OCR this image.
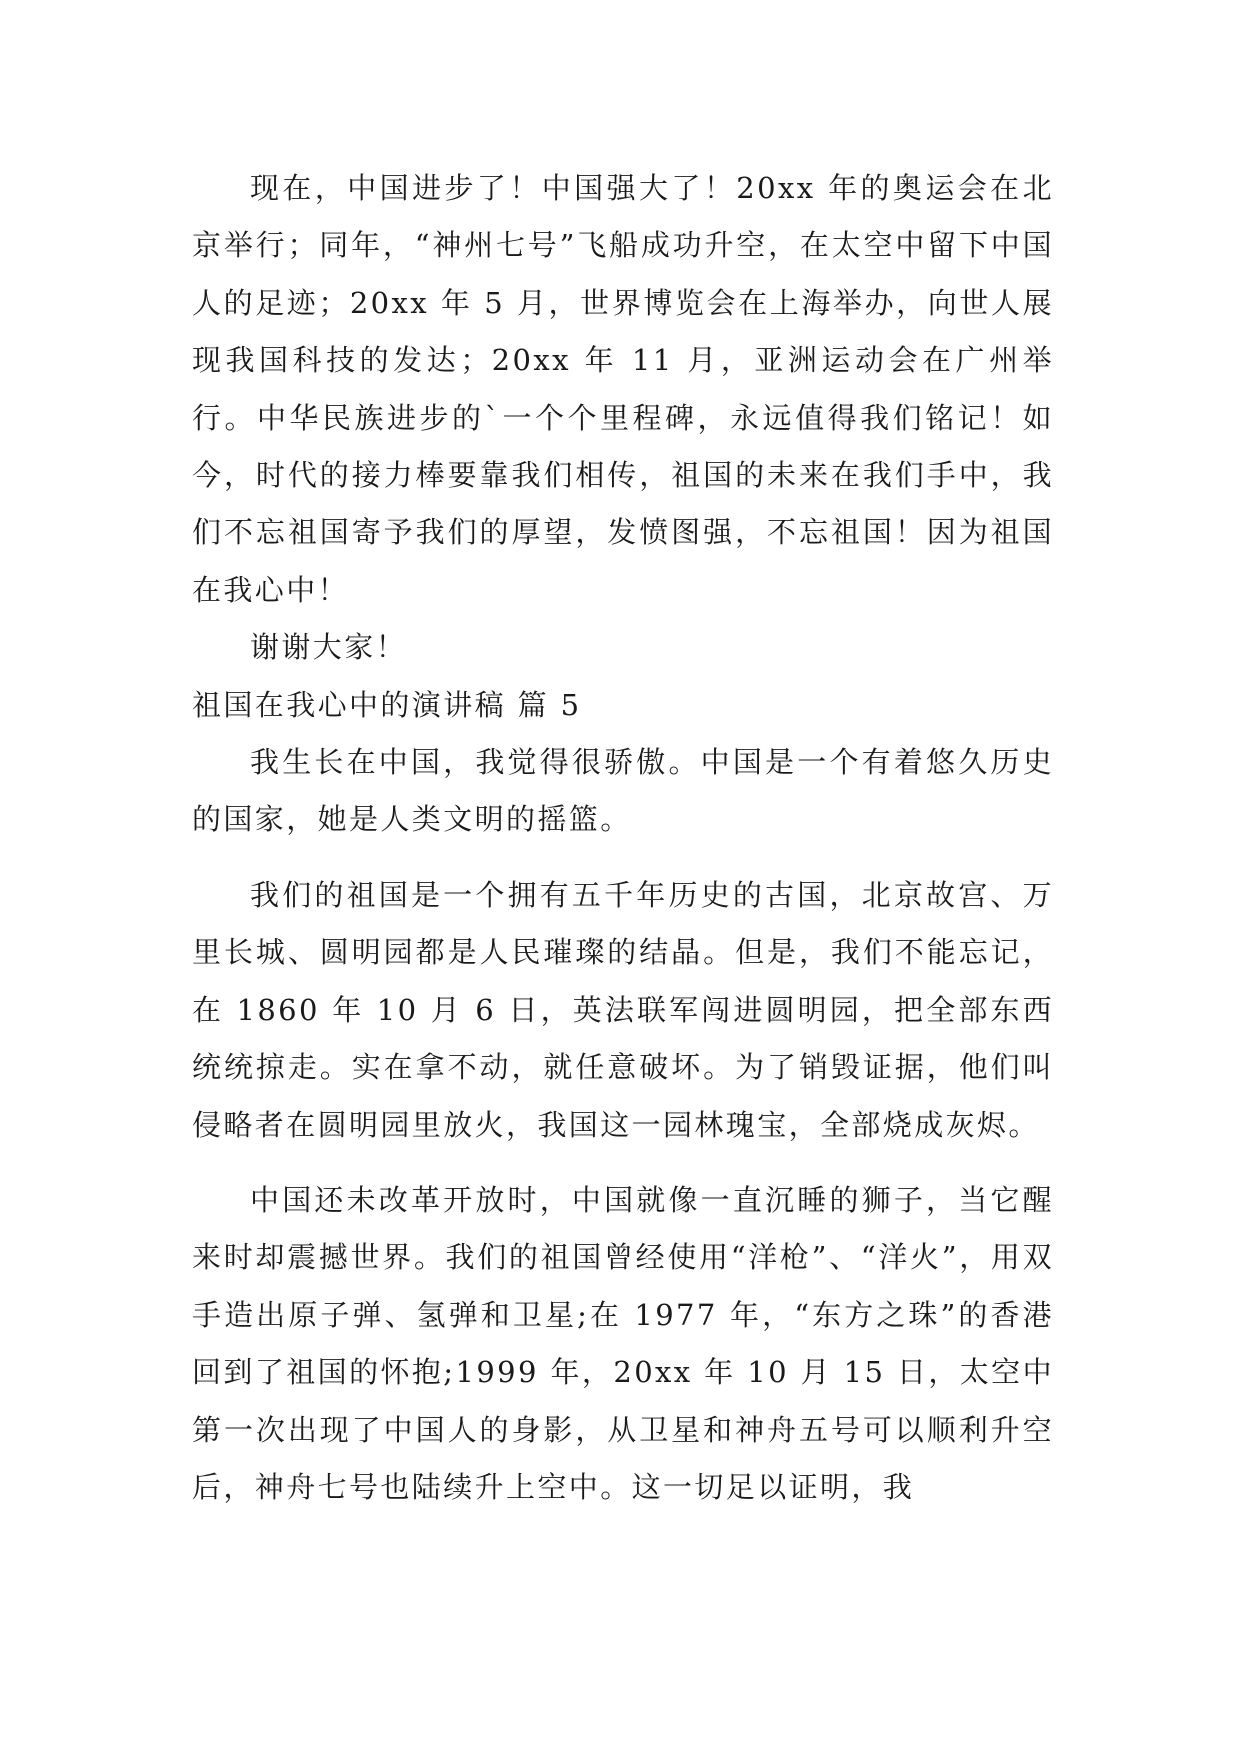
现在，中国进步了！中国强大了！20xx 年的奥运会在北京举行；同年，“神州七号”飞船成功升空，在太空中留下中国人的足迹；20xx 年 5 月，世界博览会在上海举办，向世人展现我国科技的发达；20xx 年 11 月，亚洲运动会在广州举行。中华民族进步的`一个个里程碑，永远值得我们铭记！如今，时代的接力棒要靠我们相传，祖国的未来在我们手中，我们不忘祖国寄予我们的厚望，发愤图强，不忘祖国！因为祖国在我心中！

谢谢大家！

祖国在我心中的演讲稿 篇 5

我生长在中国，我觉得很骄傲。中国是一个有着悠久历史的国家，她是人类文明的摇篮。

我们的祖国是一个拥有五千年历史的古国，北京故宫、万里长城、圆明园都是人民璀璨的结晶。但是，我们不能忘记，在 1860 年 10 月 6 日，英法联军闯进圆明园，把全部东西统统掠走。实在拿不动，就任意破坏。为了销毁证据，他们叫侵略者在圆明园里放火，我国这一园林瑰宝，全部烧成灰烬。

中国还未改革开放时，中国就像一直沉睡的狮子，当它醒来时却震撼世界。我们的祖国曾经使用“洋枪”、“洋火”，用双手造出原子弹、氢弹和卫星;在 1977 年，“东方之珠”的香港回到了祖国的怀抱;1999 年，20xx 年 10 月 15 日，太空中第一次出现了中国人的身影，从卫星和神舟五号可以顺利升空后，神舟七号也陆续升上空中。这一切足以证明，我
